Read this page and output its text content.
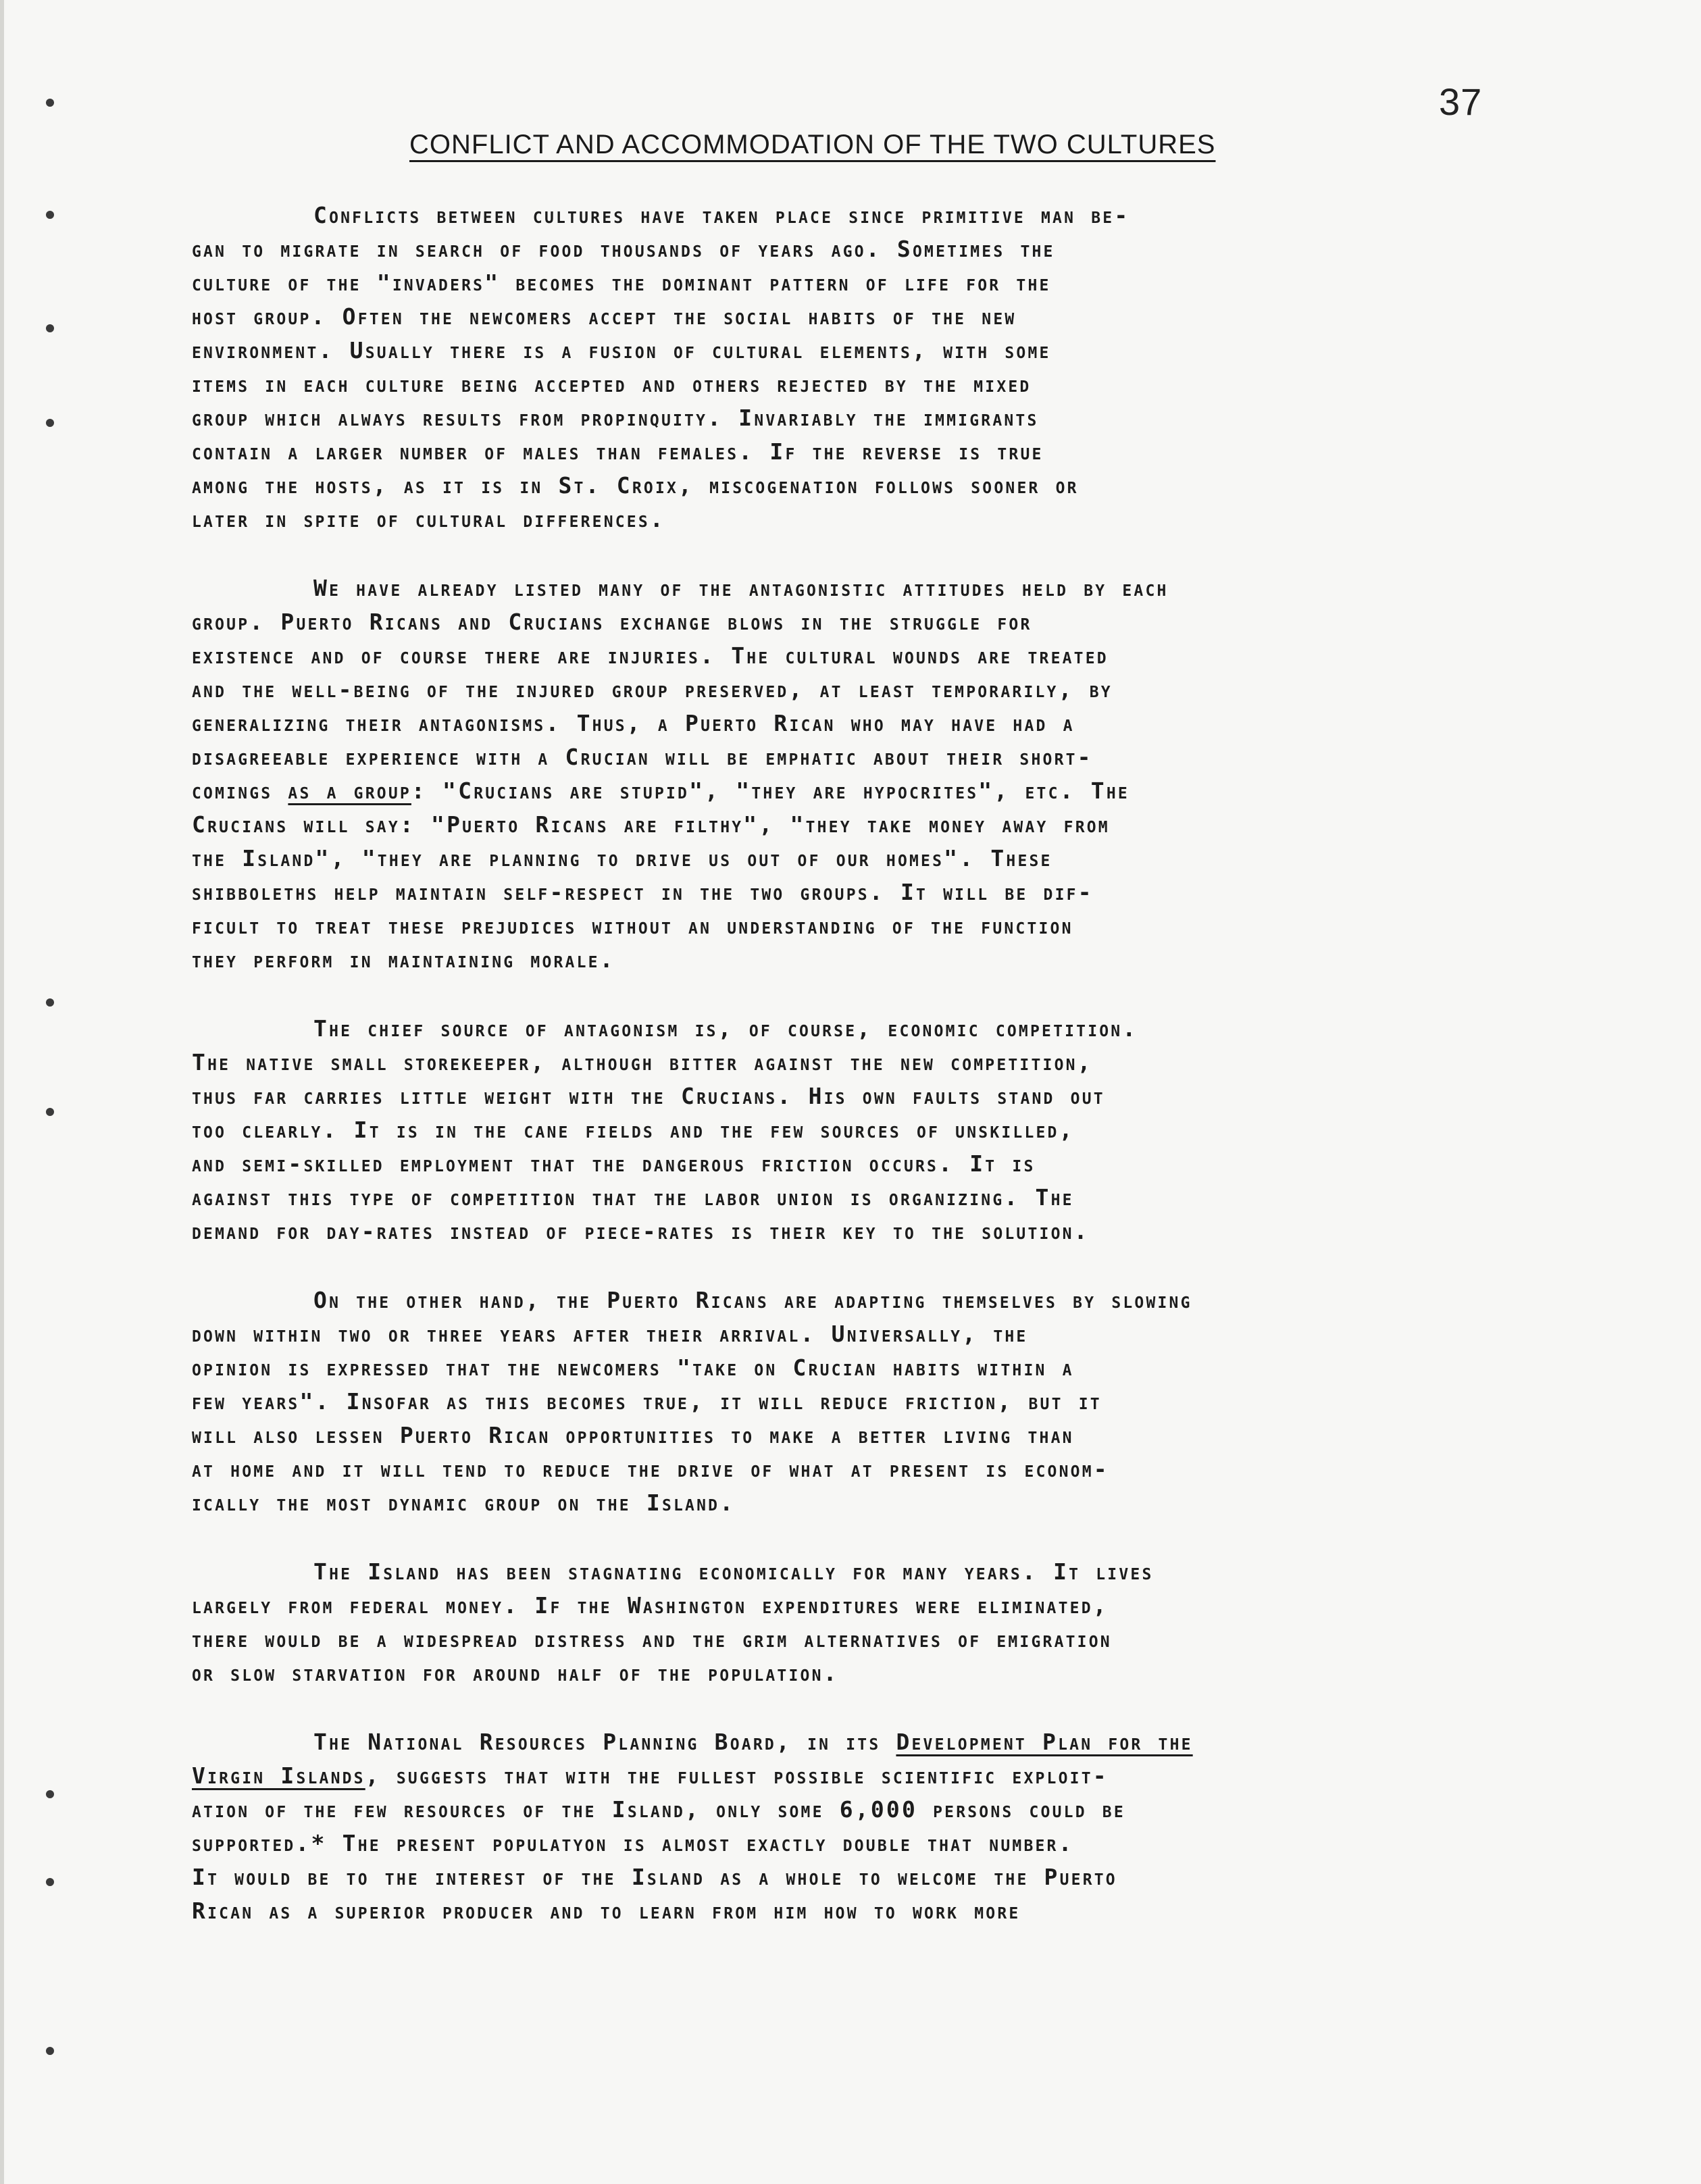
37
CONFLICT AND ACCOMMODATION OF THE TWO CULTURES
Conflicts between cultures have taken place since primitive man be-
gan to migrate in search of food thousands of years ago. Sometimes the
culture of the "invaders" becomes the dominant pattern of life for the
host group. Often the newcomers accept the social habits of the new
environment. Usually there is a fusion of cultural elements, with some
items in each culture being accepted and others rejected by the mixed
group which always results from propinquity. Invariably the immigrants
contain a larger number of males than females. If the reverse is true
among the hosts, as it is in St. Croix, miscogenation follows sooner or
later in spite of cultural differences.
We have already listed many of the antagonistic attitudes held by each
group. Puerto Ricans and Crucians exchange blows in the struggle for
existence and of course there are injuries. The cultural wounds are treated
and the well-being of the injured group preserved, at least temporarily, by
generalizing their antagonisms. Thus, a Puerto Rican who may have had a
disagreeable experience with a Crucian will be emphatic about their short-
comings as a group: "Crucians are stupid", "they are hypocrites", etc. The
Crucians will say: "Puerto Ricans are filthy", "they take money away from
the Island", "they are planning to drive us out of our homes". These
shibboleths help maintain self-respect in the two groups. It will be dif-
ficult to treat these prejudices without an understanding of the function
they perform in maintaining morale.
The chief source of antagonism is, of course, economic competition.
The native small storekeeper, although bitter against the new competition,
thus far carries little weight with the Crucians. His own faults stand out
too clearly. It is in the cane fields and the few sources of unskilled,
and semi-skilled employment that the dangerous friction occurs. It is
against this type of competition that the labor union is organizing. The
demand for day-rates instead of piece-rates is their key to the solution.
On the other hand, the Puerto Ricans are adapting themselves by slowing
down within two or three years after their arrival. Universally, the
opinion is expressed that the newcomers "take on Crucian habits within a
few years". Insofar as this becomes true, it will reduce friction, but it
will also lessen Puerto Rican opportunities to make a better living than
at home and it will tend to reduce the drive of what at present is econom-
ically the most dynamic group on the Island.
The Island has been stagnating economically for many years. It lives
largely from federal money. If the Washington expenditures were eliminated,
there would be a widespread distress and the grim alternatives of emigration
or slow starvation for around half of the population.
The National Resources Planning Board, in its Development Plan for the
Virgin Islands, suggests that with the fullest possible scientific exploit-
ation of the few resources of the Island, only some 6,000 persons could be
supported.* The present populatyon is almost exactly double that number.
It would be to the interest of the Island as a whole to welcome the Puerto
Rican as a superior producer and to learn from him how to work more
